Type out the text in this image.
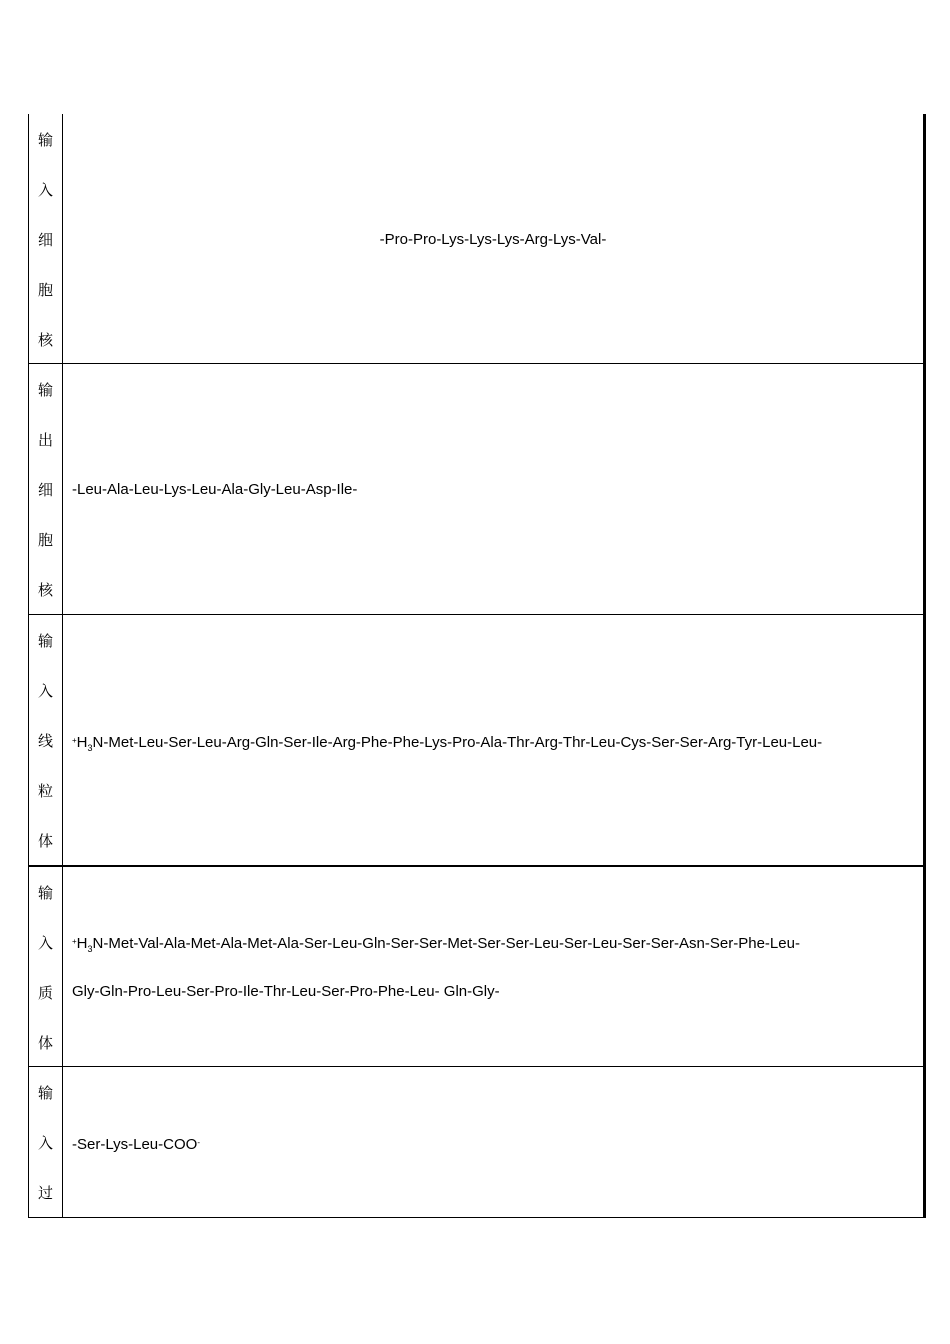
输
入
细
胞
核
-Pro-Pro-Lys-Lys-Lys-Arg-Lys-Val-
输
出
细
胞
核
-Leu-Ala-Leu-Lys-Leu-Ala-Gly-Leu-Asp-Ile-
输
入
线
粒
体
$^+H_3N-Met-Leu-Ser-Leu-Arg-Gln-Ser-Ile-Arg-Phe-Phe-Lys-Pro-Ala-Thr-Arg-Thr-Leu-Cys-Ser-Ser-Arg-Tyr-Leu-Leu-$
输
入
质
体
$^+H_3N-Met-Val-Ala-Met-Ala-Met-Ala-Ser-Leu-Gln-Ser-Ser-Met-Ser-Ser-Leu-Ser-Leu-Ser-Ser-Asn-Ser-Phe-Leu-$
Gly-Gln-Pro-Leu-Ser-Pro-Ile-Thr-Leu-Ser-Pro-Phe-Leu- Gln-Gly-
输
入
过
-Ser-Lys-Leu-COO-
